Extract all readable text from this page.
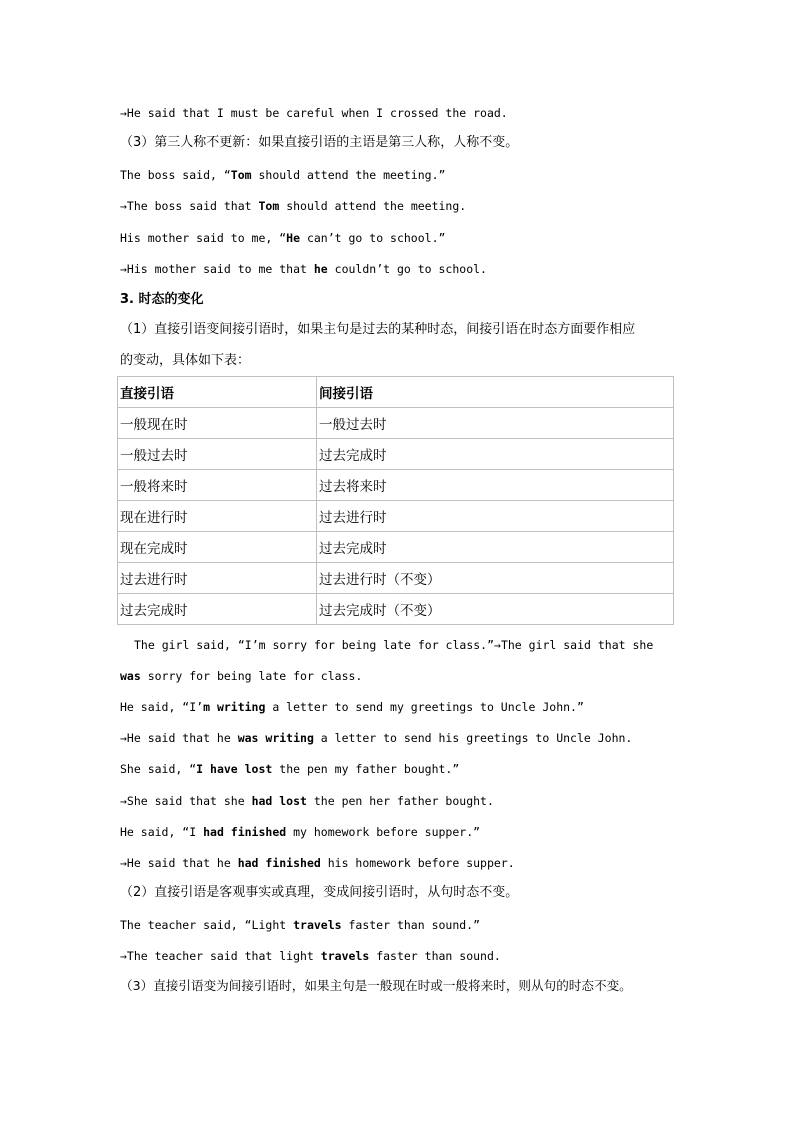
→He said that I must be careful when I crossed the road.
（3）第三人称不更新：如果直接引语的主语是第三人称，人称不变。
The boss said, “Tom should attend the meeting.”
→The boss said that Tom should attend the meeting.
His mother said to me, “He can’t go to school.”
→His mother said to me that he couldn’t go to school.
3. 时态的变化
（1）直接引语变间接引语时，如果主句是过去的某种时态，间接引语在时态方面要作相应
的变动，具体如下表：
直接引语	间接引语
一般现在时	一般过去时
一般过去时	过去完成时
一般将来时	过去将来时
现在进行时	过去进行时
现在完成时	过去完成时
过去进行时	过去进行时（不变）
过去完成时	过去完成时（不变）
The girl said, “I’m sorry for being late for class.”→The girl said that she
was sorry for being late for class.
He said, “I’m writing a letter to send my greetings to Uncle John.”
→He said that he was writing a letter to send his greetings to Uncle John.
She said, “I have lost the pen my father bought.”
→She said that she had lost the pen her father bought.
He said, “I had finished my homework before supper.”
→He said that he had finished his homework before supper.
（2）直接引语是客观事实或真理，变成间接引语时，从句时态不变。
The teacher said, “Light travels faster than sound.”
→The teacher said that light travels faster than sound.
（3）直接引语变为间接引语时，如果主句是一般现在时或一般将来时，则从句的时态不变。
